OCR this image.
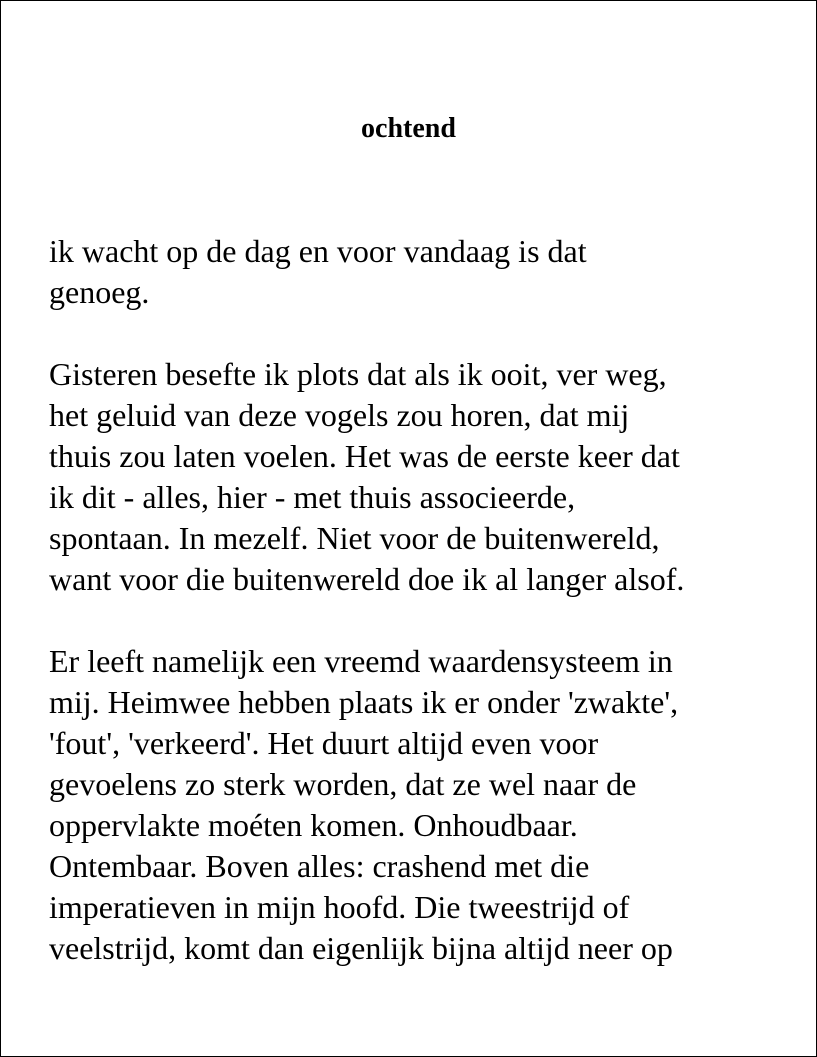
ochtend

ik wacht op de dag en voor vandaag is dat
genoeg.

Gisteren besefte ik plots dat als ik ooit, ver weg,
het geluid van deze vogels zou horen, dat mij
thuis zou laten voelen. Het was de eerste keer dat
ik dit - alles, hier - met thuis associeerde,
spontaan. In mezelf. Niet voor de buitenwereld,
want voor die buitenwereld doe ik al langer alsof.

Er leeft namelijk een vreemd waardensysteem in
mij. Heimwee hebben plaats ik er onder 'zwakte',
'fout', 'verkeerd'. Het duurt altijd even voor
gevoelens zo sterk worden, dat ze wel naar de
oppervlakte moéten komen. Onhoudbaar.
Ontembaar. Boven alles: crashend met die
imperatieven in mijn hoofd. Die tweestrijd of
veelstrijd, komt dan eigenlijk bijna altijd neer op
